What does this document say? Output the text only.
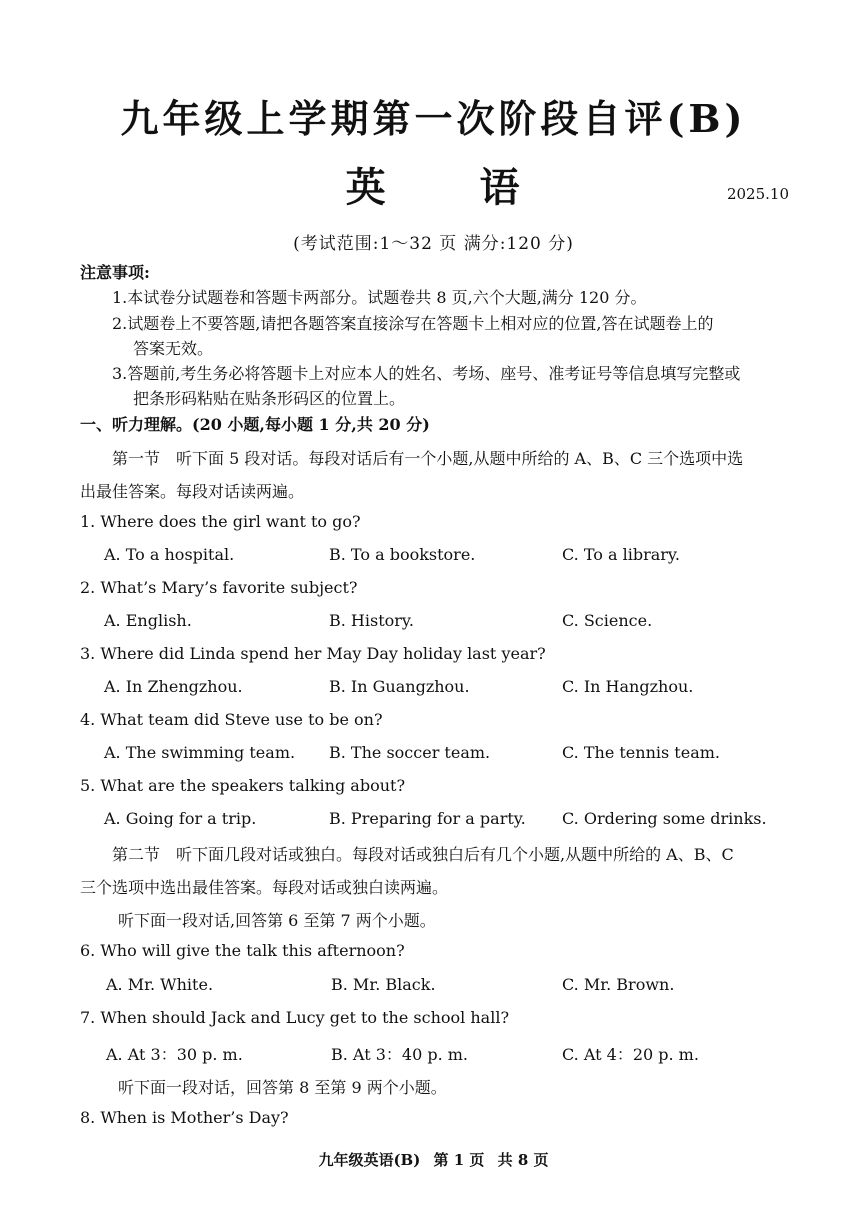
九年级上学期第一次阶段自评(B)
英 语	2025.10
(考试范围:1～32 页 满分:120 分)
注意事项:
1.本试卷分试题卷和答题卡两部分。试题卷共 8 页,六个大题,满分 120 分。
2.试题卷上不要答题,请把各题答案直接涂写在答题卡上相对应的位置,答在试题卷上的
答案无效。
3.答题前,考生务必将答题卡上对应本人的姓名、考场、座号、准考证号等信息填写完整或
把条形码粘贴在贴条形码区的位置上。
一、听力理解。(20 小题,每小题 1 分,共 20 分)
第一节　听下面 5 段对话。每段对话后有一个小题,从题中所给的 A、B、C 三个选项中选
出最佳答案。每段对话读两遍。
1. Where does the girl want to go?
A. To a hospital.	B. To a bookstore.	C. To a library.
2. What’s Mary’s favorite subject?
A. English.	B. History.	C. Science.
3. Where did Linda spend her May Day holiday last year?
A. In Zhengzhou.	B. In Guangzhou.	C. In Hangzhou.
4. What team did Steve use to be on?
A. The swimming team. B. The soccer team.	C. The tennis team.
5. What are the speakers talking about?
A. Going for a trip.	B. Preparing for a party. C. Ordering some drinks.
第二节　听下面几段对话或独白。每段对话或独白后有几个小题,从题中所给的 A、B、C
三个选项中选出最佳答案。每段对话或独白读两遍。
听下面一段对话,回答第 6 至第 7 两个小题。
6. Who will give the talk this afternoon?
A. Mr. White.	B. Mr. Black.	C. Mr. Brown.
7. When should Jack and Lucy get to the school hall?
A. At 3：30 p. m.	B. At 3：40 p. m.	C. At 4：20 p. m.
听下面一段对话，回答第 8 至第 9 两个小题。
8. When is Mother’s Day?
九年级英语(B) 第 1 页 共 8 页
